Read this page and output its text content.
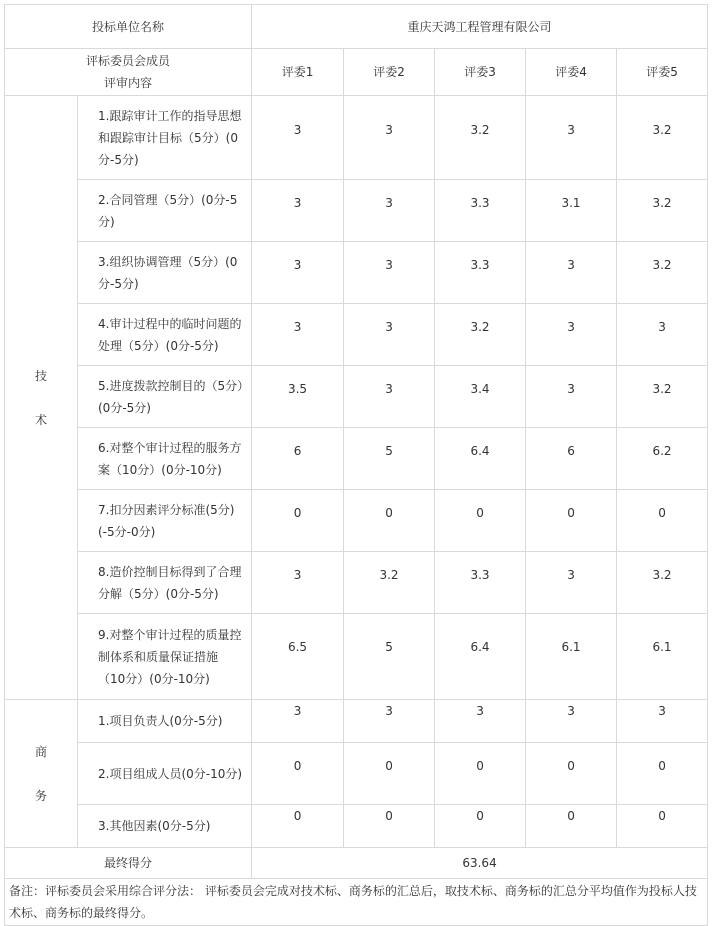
投标单位名称		重庆天鸿工程管理有限公司				

评标委员会成员
评审内容		评委1	评委2	评委3	评委4	评委5

技
术	1.跟踪审计工作的指导思想和跟踪审计目标（5分）(0分-5分)	3	3	3.2	3	3.2
	2.合同管理（5分）(0分-5分)	3	3	3.3	3.1	3.2
	3.组织协调管理（5分）(0分-5分)	3	3	3.3	3	3.2
	4.审计过程中的临时问题的处理（5分）(0分-5分)	3	3	3.2	3	3
	5.进度拨款控制目的（5分）(0分-5分)	3.5	3	3.4	3	3.2
	6.对整个审计过程的服务方案（10分）(0分-10分)	6	5	6.4	6	6.2
	7.扣分因素评分标准(5分)(-5分-0分)	0	0	0	0	0
	8.造价控制目标得到了合理分解（5分）(0分-5分)	3	3.2	3.3	3	3.2
	9.对整个审计过程的质量控制体系和质量保证措施（10分）(0分-10分)	6.5	5	6.4	6.1	6.1

商
务	1.项目负责人(0分-5分)	3	3	3	3	3
	2.项目组成人员(0分-10分)	0	0	0	0	0
	3.其他因素(0分-5分)	0	0	0	0	0
最终得分		63.64				
备注：评标委员会采用综合评分法： 评标委员会完成对技术标、商务标的汇总后，取技术标、商务标的汇总分平均值作为投标人技术标、商务标的最终得分。						
